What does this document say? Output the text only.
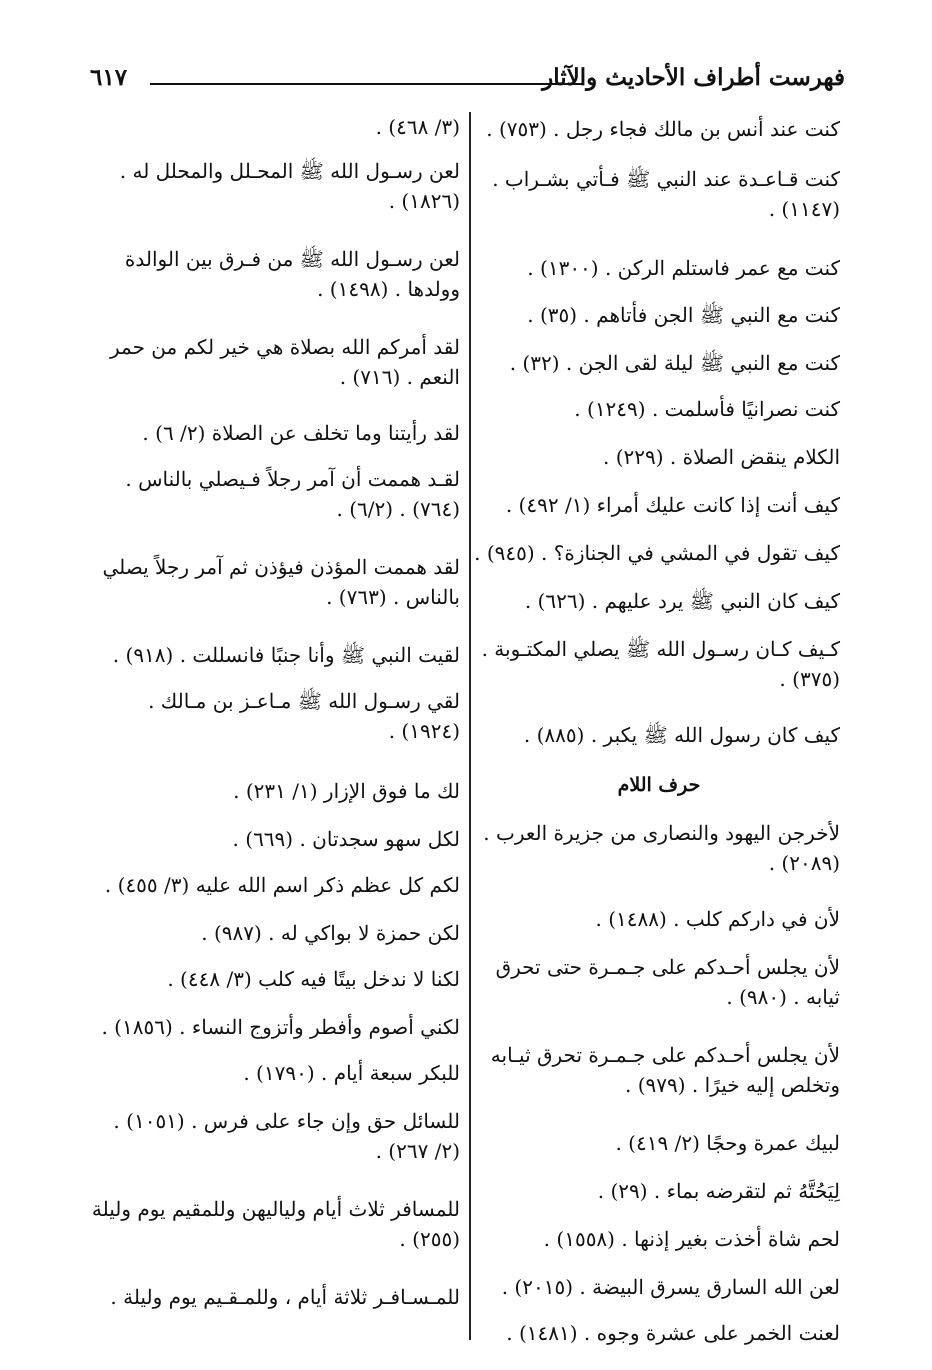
فهرست أطراف الأحاديث والآثار
٦١٧

كنت عند أنس بن مالك فجاء رجل . (٧٥٣) .

كنت قـاعـدة عند النبي ﷺ فـأتي بشـراب .

(١١٤٧) .

كنت مع عمر فاستلم الركن . (١٣٠٠) .

كنت مع النبي ﷺ الجن فأتاهم . (٣٥) .

كنت مع النبي ﷺ ليلة لقى الجن . (٣٢) .

كنت نصرانيًا فأسلمت . (١٢٤٩) .

الكلام ينقض الصلاة . (٢٢٩) .

كيف أنت إذا كانت عليك أمراء (١/ ٤٩٢) .

كيف تقول في المشي في الجنازة؟ . (٩٤٥) .

كيف كان النبي ﷺ يرد عليهم . (٦٢٦) .

كـيف كـان رسـول الله ﷺ يصلي المكتـوبة .

(٣٧٥) .

كيف كان رسول الله ﷺ يكبر . (٨٨٥) .

حرف اللام

لأخرجن اليهود والنصارى من جزيرة العرب .

(٢٠٨٩) .

لأن في داركم كلب . (١٤٨٨) .

لأن يجلس أحـدكم على جـمـرة حتى تحرق

ثيابه . (٩٨٠) .

لأن يجلس أحـدكم على جـمـرة تحرق ثيـابه

وتخلص إليه خيرًا . (٩٧٩) .

لبيك عمرة وحجًا (٢/ ٤١٩) .

لِيَحُتَّهُ ثم لتقرضه بماء . (٢٩) .

لحم شاة أخذت بغير إذنها . (١٥٥٨) .

لعن الله السارق يسرق البيضة . (٢٠١٥) .

لعنت الخمر على عشرة وجوه . (١٤٨١) .

(٣/ ٤٦٨) .

لعن رسـول الله ﷺ المحـلل والمحلل له .

(١٨٢٦) .

لعن رسـول الله ﷺ من فـرق بين الوالدة

وولدها . (١٤٩٨) .

لقد أمركم الله بصلاة هي خير لكم من حمر

النعم . (٧١٦) .

لقد رأيتنا وما تخلف عن الصلاة (٢/ ٦) .

لقـد هممت أن آمر رجلاً فـيصلي بالناس .

(٧٦٤) . (٦/٢) .

لقد هممت المؤذن فيؤذن ثم آمر رجلاً يصلي

بالناس . (٧٦٣) .

لقيت النبي ﷺ وأنا جنبًا فانسللت . (٩١٨) .

لقي رسـول الله ﷺ مـاعـز بن مـالك .

(١٩٢٤) .

لك ما فوق الإزار (١/ ٢٣١) .

لكل سهو سجدتان . (٦٦٩) .

لكم كل عظم ذكر اسم الله عليه (٣/ ٤٥٥) .

لكن حمزة لا بواكي له . (٩٨٧) .

لكنا لا ندخل بيتًا فيه كلب (٣/ ٤٤٨) .

لكني أصوم وأفطر وأتزوج النساء . (١٨٥٦) .

للبكر سبعة أيام . (١٧٩٠) .

للسائل حق وإن جاء على فرس . (١٠٥١) .

(٢/ ٢٦٧) .

للمسافر ثلاث أيام ولياليهن وللمقيم يوم وليلة

(٢٥٥) .

للمـسـافـر ثلاثة أيام ، وللمـقـيم يوم وليلة .
